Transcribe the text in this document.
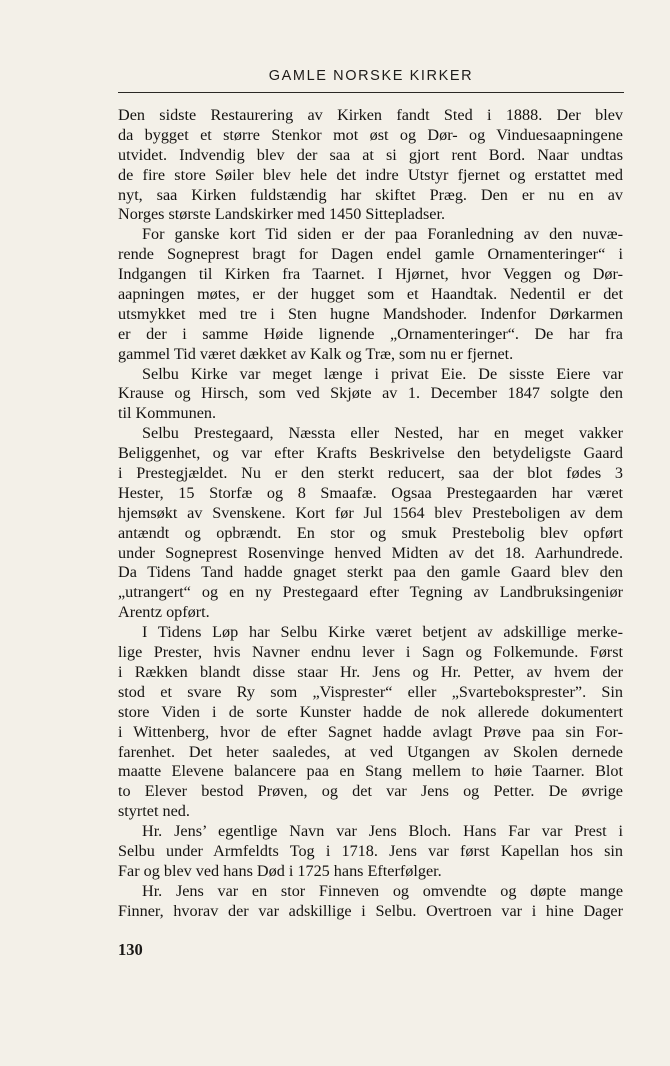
GAMLE NORSKE KIRKER
Den sidste Restaurering av Kirken fandt Sted i 1888. Der blev
da bygget et større Stenkor mot øst og Dør- og Vinduesaapningene
utvidet. Indvendig blev der saa at si gjort rent Bord. Naar undtas
de fire store Søiler blev hele det indre Utstyr fjernet og erstattet med
nyt, saa Kirken fuldstændig har skiftet Præg. Den er nu en av
Norges største Landskirker med 1450 Sittepladser.
For ganske kort Tid siden er der paa Foranledning av den nuvæ-
rende Sogneprest bragt for Dagen endel gamle Ornamenteringer“ i
Indgangen til Kirken fra Taarnet. I Hjørnet, hvor Veggen og Dør-
aapningen møtes, er der hugget som et Haandtak. Nedentil er det
utsmykket med tre i Sten hugne Mandshoder. Indenfor Dørkarmen
er der i samme Høide lignende „Ornamenteringer“. De har fra
gammel Tid været dækket av Kalk og Træ, som nu er fjernet.
Selbu Kirke var meget længe i privat Eie. De sisste Eiere var
Krause og Hirsch, som ved Skjøte av 1. December 1847 solgte den
til Kommunen.
Selbu Prestegaard, Næssta eller Nested, har en meget vakker
Beliggenhet, og var efter Krafts Beskrivelse den betydeligste Gaard
i Prestegjældet. Nu er den sterkt reducert, saa der blot fødes 3
Hester, 15 Storfæ og 8 Smaafæ. Ogsaa Prestegaarden har været
hjemsøkt av Svenskene. Kort før Jul 1564 blev Presteboligen av dem
antændt og opbrændt. En stor og smuk Prestebolig blev opført
under Sogneprest Rosenvinge henved Midten av det 18. Aarhundrede.
Da Tidens Tand hadde gnaget sterkt paa den gamle Gaard blev den
„utrangert“ og en ny Prestegaard efter Tegning av Landbruksingeniør
Arentz opført.
I Tidens Løp har Selbu Kirke været betjent av adskillige merke-
lige Prester, hvis Navner endnu lever i Sagn og Folkemunde. Først
i Rækken blandt disse staar Hr. Jens og Hr. Petter, av hvem der
stod et svare Ry som „Visprester“ eller „Svartebokspresterˮ. Sin
store Viden i de sorte Kunster hadde de nok allerede dokumentert
i Wittenberg, hvor de efter Sagnet hadde avlagt Prøve paa sin For-
farenhet. Det heter saaledes, at ved Utgangen av Skolen dernede
maatte Elevene balancere paa en Stang mellem to høie Taarner. Blot
to Elever bestod Prøven, og det var Jens og Petter. De øvrige
styrtet ned.
Hr. Jens’ egentlige Navn var Jens Bloch. Hans Far var Prest i
Selbu under Armfeldts Tog i 1718. Jens var først Kapellan hos sin
Far og blev ved hans Død i 1725 hans Efterfølger.
Hr. Jens var en stor Finneven og omvendte og døpte mange
Finner, hvorav der var adskillige i Selbu. Overtroen var i hine Dager
130
